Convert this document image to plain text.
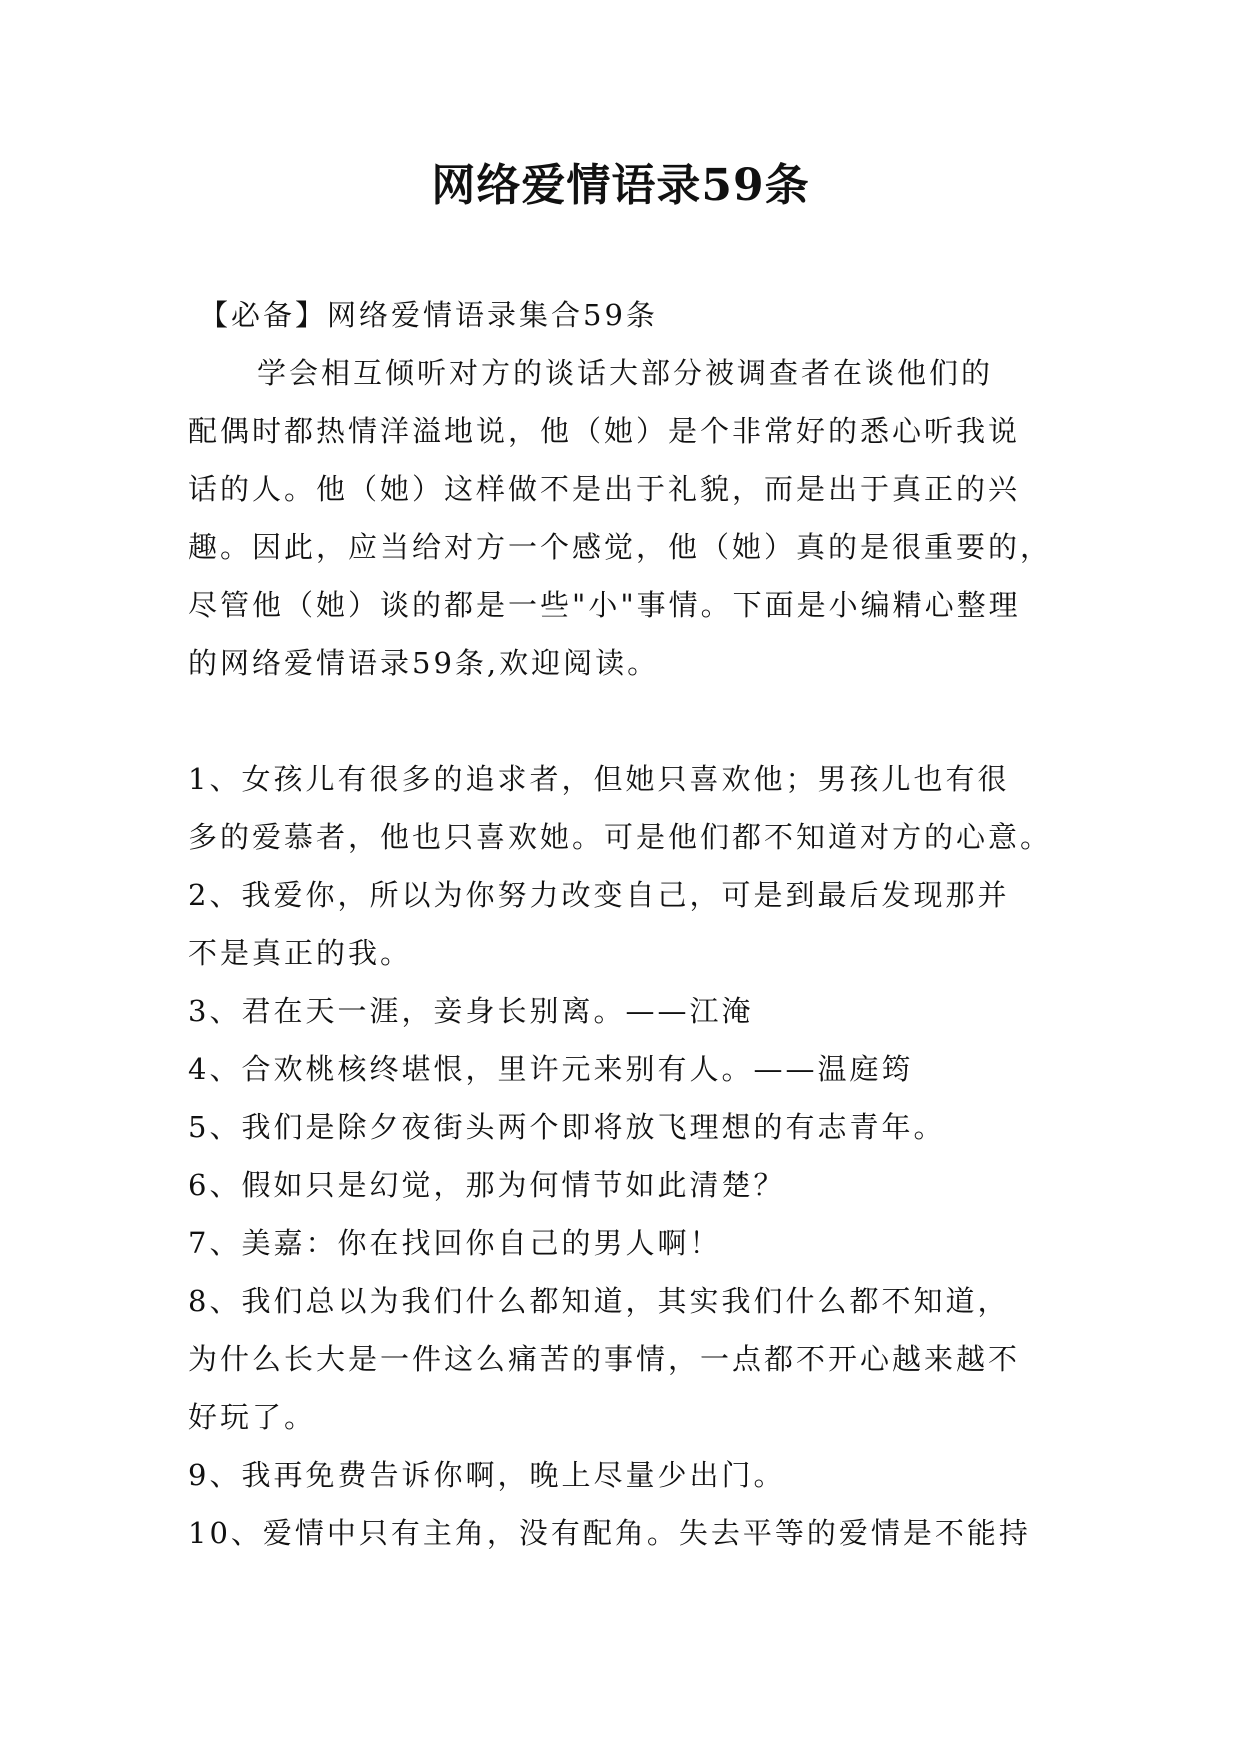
网络爱情语录59条
【必备】网络爱情语录集合59条
学会相互倾听对方的谈话大部分被调查者在谈他们的
配偶时都热情洋溢地说，他（她）是个非常好的悉心听我说
话的人。他（她）这样做不是出于礼貌，而是出于真正的兴
趣。因此，应当给对方一个感觉，他（她）真的是很重要的，
尽管他（她）谈的都是一些"小"事情。下面是小编精心整理
的网络爱情语录59条,欢迎阅读。
1、女孩儿有很多的追求者，但她只喜欢他；男孩儿也有很
多的爱慕者，他也只喜欢她。可是他们都不知道对方的心意。
2、我爱你，所以为你努力改变自己，可是到最后发现那并
不是真正的我。
3、君在天一涯，妾身长别离。——江淹
4、合欢桃核终堪恨，里许元来别有人。——温庭筠
5、我们是除夕夜街头两个即将放飞理想的有志青年。
6、假如只是幻觉，那为何情节如此清楚？
7、美嘉：你在找回你自己的男人啊！
8、我们总以为我们什么都知道，其实我们什么都不知道，
为什么长大是一件这么痛苦的事情，一点都不开心越来越不
好玩了。
9、我再免费告诉你啊，晚上尽量少出门。
10、爱情中只有主角，没有配角。失去平等的爱情是不能持
